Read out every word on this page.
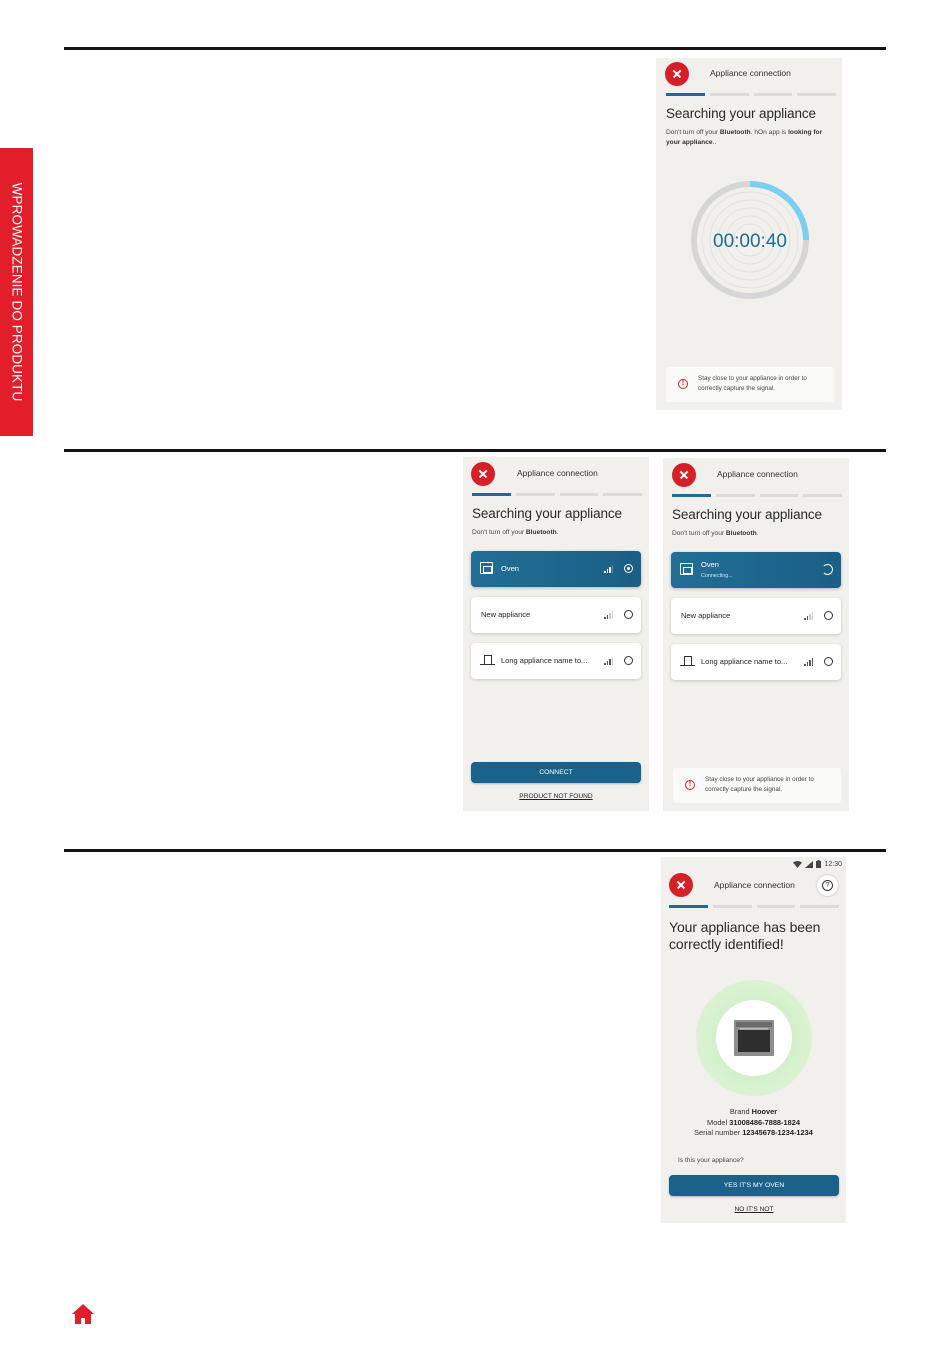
WPROWADZENIE DO PRODUKTU
Appliance connection
Searching your appliance
Don't turn off your Bluetooth. hOn app is looking for your appliance..
00:00:40
!
Stay close to your appliance in order to correctly capture the signal.
Appliance connection
Searching your appliance
Don't turn off your Bluetooth.
Oven
New appliance
Long appliance name to...
CONNECT
PRODUCT NOT FOUND
Appliance connection
Searching your appliance
Don't turn off your Bluetooth.
Oven
Connecting...
New appliance
Long appliance name to...
!
Stay close to your appliance in order to correctly capture the signal.
12:30
Appliance connection	?
Your appliance has been correctly identified!
Brand Hoover
Model 31008486-7888-1824
Serial number 12345678-1234-1234
Is this your appliance?
YES IT'S MY OVEN
NO IT'S NOT
